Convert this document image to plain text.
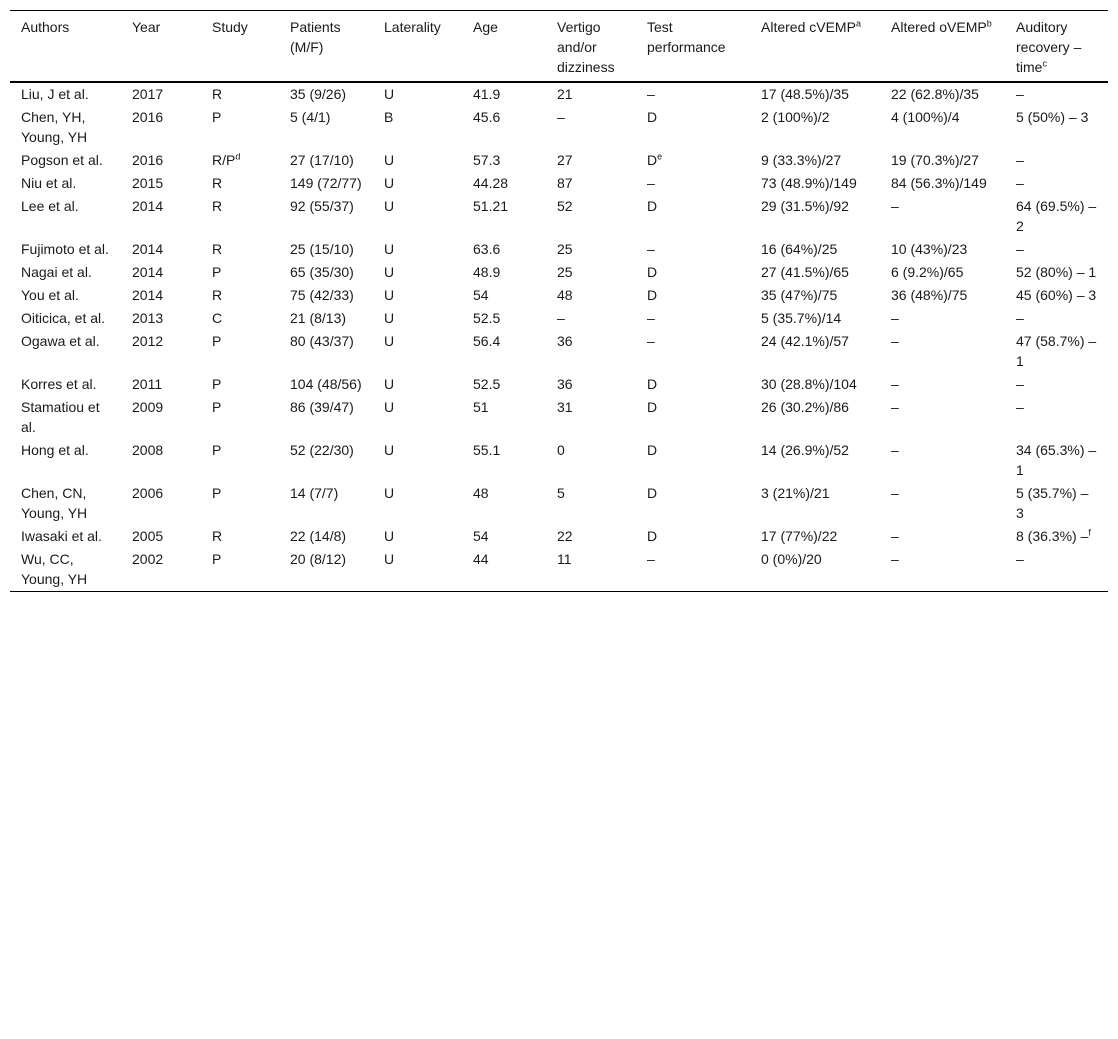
Authors	Year	Study	Patients (M/F)	Laterality	Age	Vertigo and/or dizziness	Test performance	Altered cVEMP$^a$	Altered oVEMP$^b$	Auditory recovery – time$^c$
Liu, J et al.	2017	R	35 (9/26)	U	41.9	21	–	17 (48.5%)/35	22 (62.8%)/35	–
Chen, YH, Young, YH	2016	P	5 (4/1)	B	45.6	–	D	2 (100%)/2	4 (100%)/4	5 (50%) – 3
Pogson et al.	2016	$R/P^d$	27 (17/10)	U	57.3	27	De	9 (33.3%)/27	19 (70.3%)/27	–
Niu et al.	2015	R	149 (72/77)	U	44.28	87	–	73 (48.9%)/149	84 (56.3%)/149	–
Lee et al.	2014	R	92 (55/37)	U	51.21	52	D	29 (31.5%)/92	–	64 (69.5%) – 2
Fujimoto et al.	2014	R	25 (15/10)	U	63.6	25	–	16 (64%)/25	10 (43%)/23	–
Nagai et al.	2014	P	65 (35/30)	U	48.9	25	D	27 (41.5%)/65	6 (9.2%)/65	52 (80%) – 1
You et al.	2014	R	75 (42/33)	U	54	48	D	35 (47%)/75	36 (48%)/75	45 (60%) – 3
Oiticica, et al.	2013	C	21 (8/13)	U	52.5	–	–	5 (35.7%)/14	–	–
Ogawa et al.	2012	P	80 (43/37)	U	56.4	36	–	24 (42.1%)/57	–	47 (58.7%) – 1
Korres et al.	2011	P	104 (48/56)	U	52.5	36	D	30 (28.8%)/104	–	–
Stamatiou et al.	2009	P	86 (39/47)	U	51	31	D	26 (30.2%)/86	–	–
Hong et al.	2008	P	52 (22/30)	U	55.1	0	D	14 (26.9%)/52	–	34 (65.3%) – 1
Chen, CN, Young, YH	2006	P	14 (7/7)	U	48	5	D	3 (21%)/21	–	5 (35.7%) – 3
Iwasaki et al.	2005	R	22 (14/8)	U	54	22	D	17 (77%)/22	–	8 (36.3%) –$^f$
Wu, CC, Young, YH	2002	P	20 (8/12)	U	44	11	–	0 (0%)/20	–	–
